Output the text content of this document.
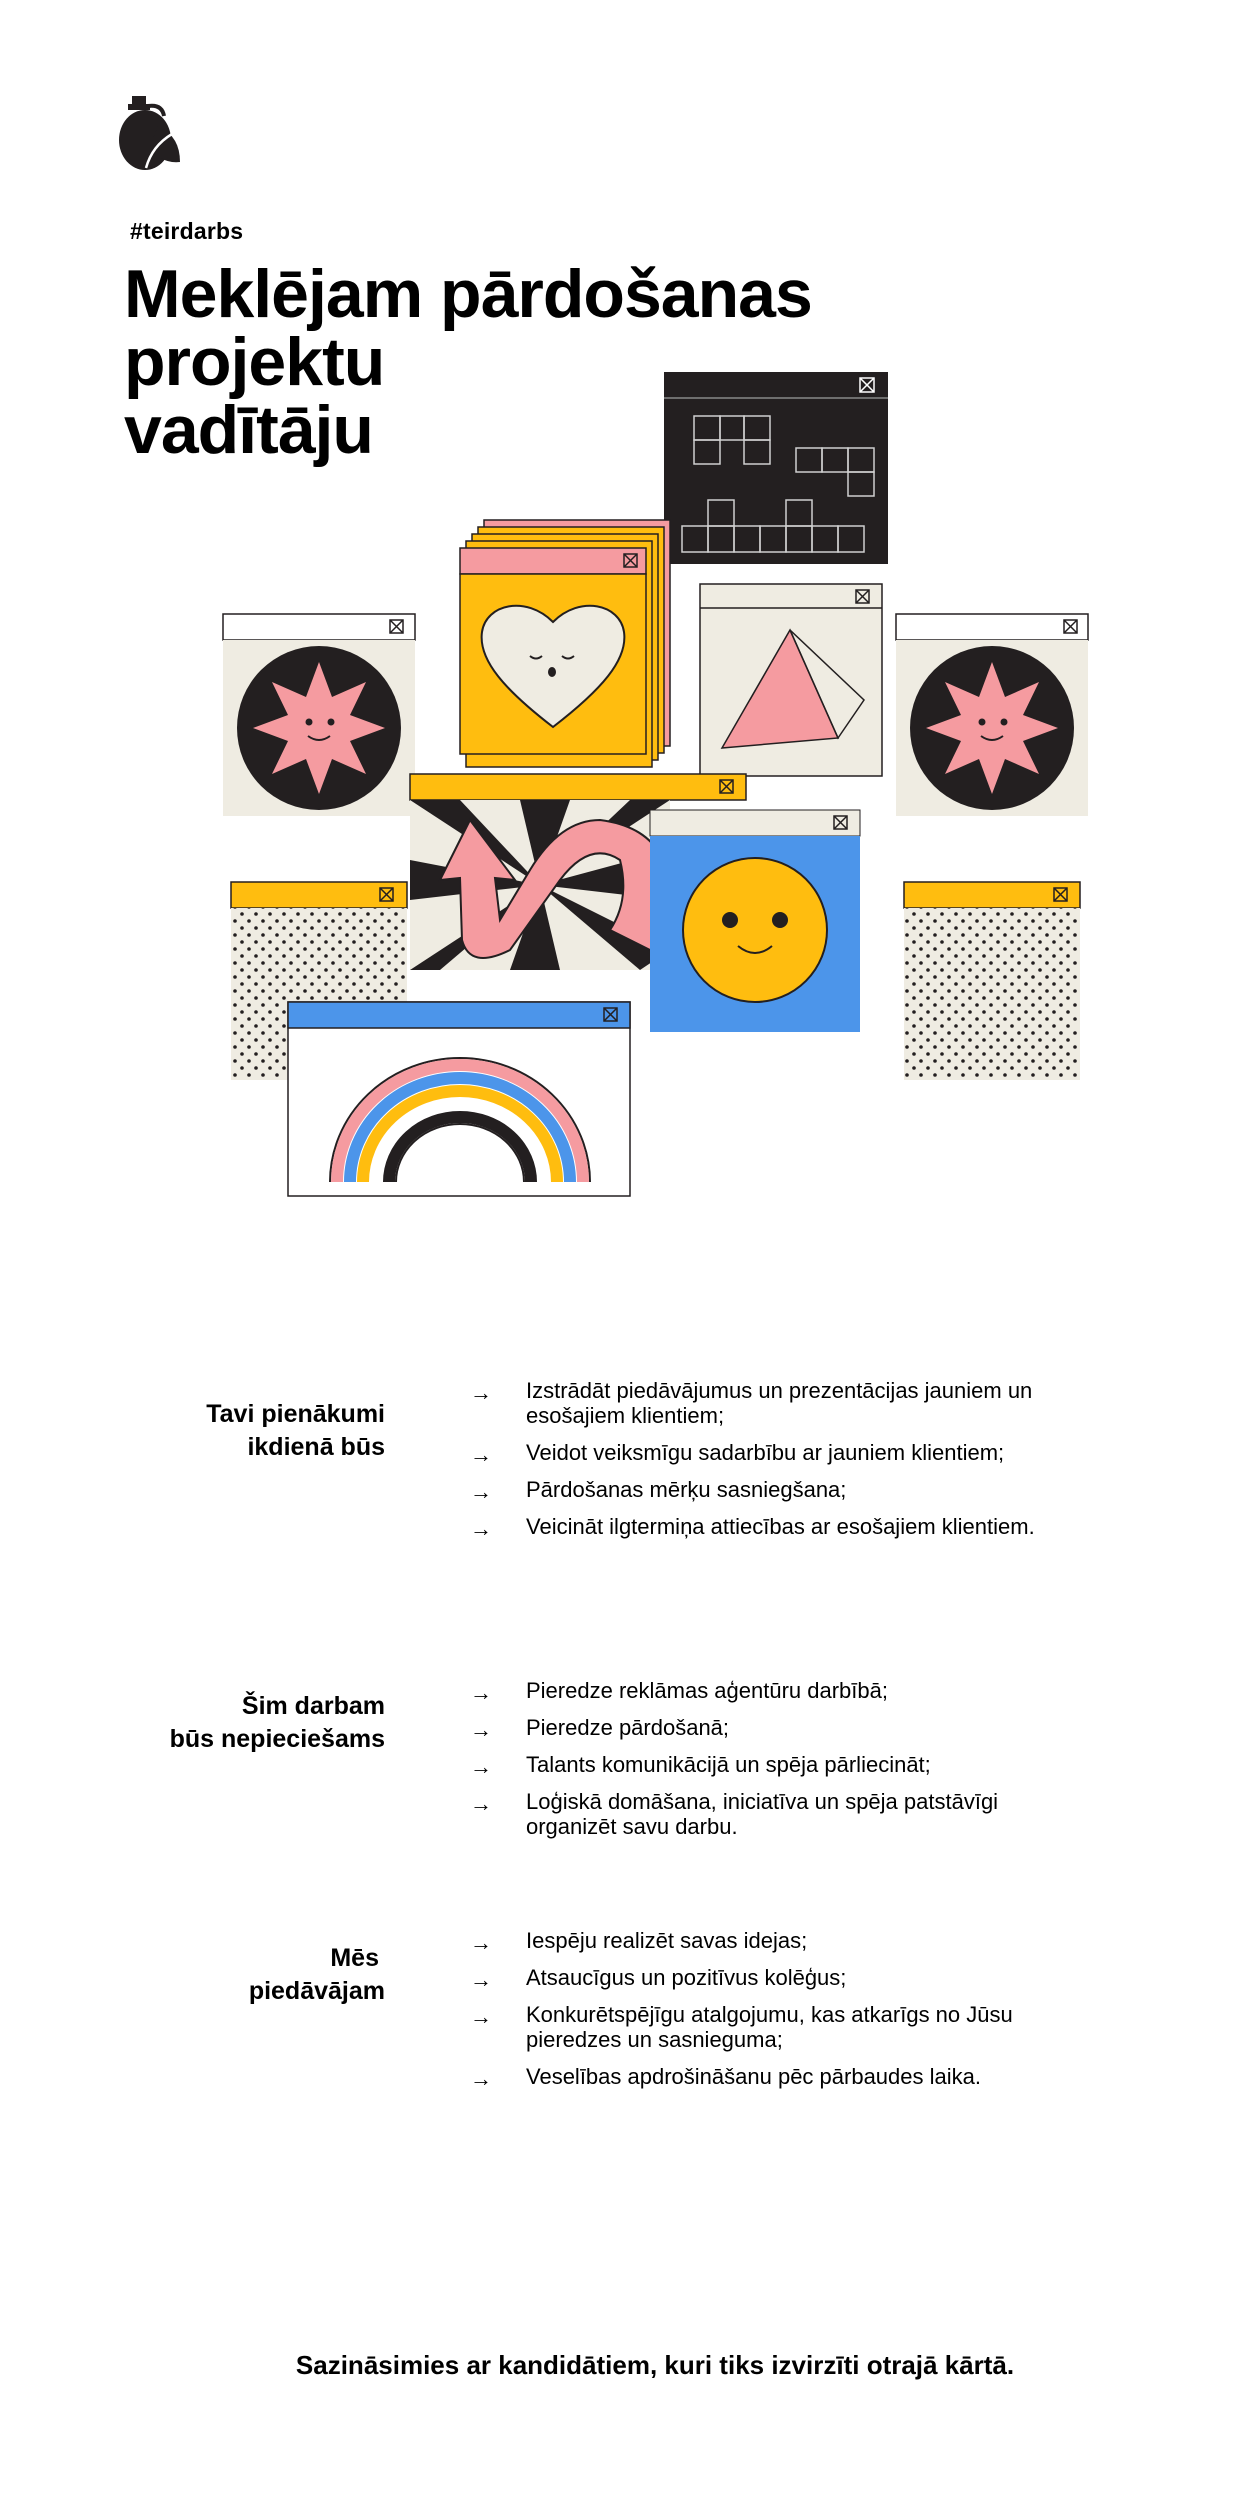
#teirdarbs
Meklējam pārdošanas
projektu
vadītāju
Tavi pienākumi
ikdienā būs
→ Izstrādāt piedāvājumus un prezentācijas jauniem un esošajiem klientiem;
→ Veidot veiksmīgu sadarbību ar jauniem klientiem;
→ Pārdošanas mērķu sasniegšana;
→ Veicināt ilgtermiņa attiecības ar esošajiem klientiem.
Šim darbam
būs nepieciešams
→ Pieredze reklāmas aģentūru darbībā;
→ Pieredze pārdošanā;
→ Talants komunikācijā un spēja pārliecināt;
→ Loģiskā domāšana, iniciatīva un spēja patstāvīgi organizēt savu darbu.
Mēs
piedāvājam
→ Iespēju realizēt savas idejas;
→ Atsaucīgus un pozitīvus kolēģus;
→ Konkurētspējīgu atalgojumu, kas atkarīgs no Jūsu pieredzes un sasnieguma;
→ Veselības apdrošināšanu pēc pārbaudes laika.
Sazināsimies ar kandidātiem, kuri tiks izvirzīti otrajā kārtā.
